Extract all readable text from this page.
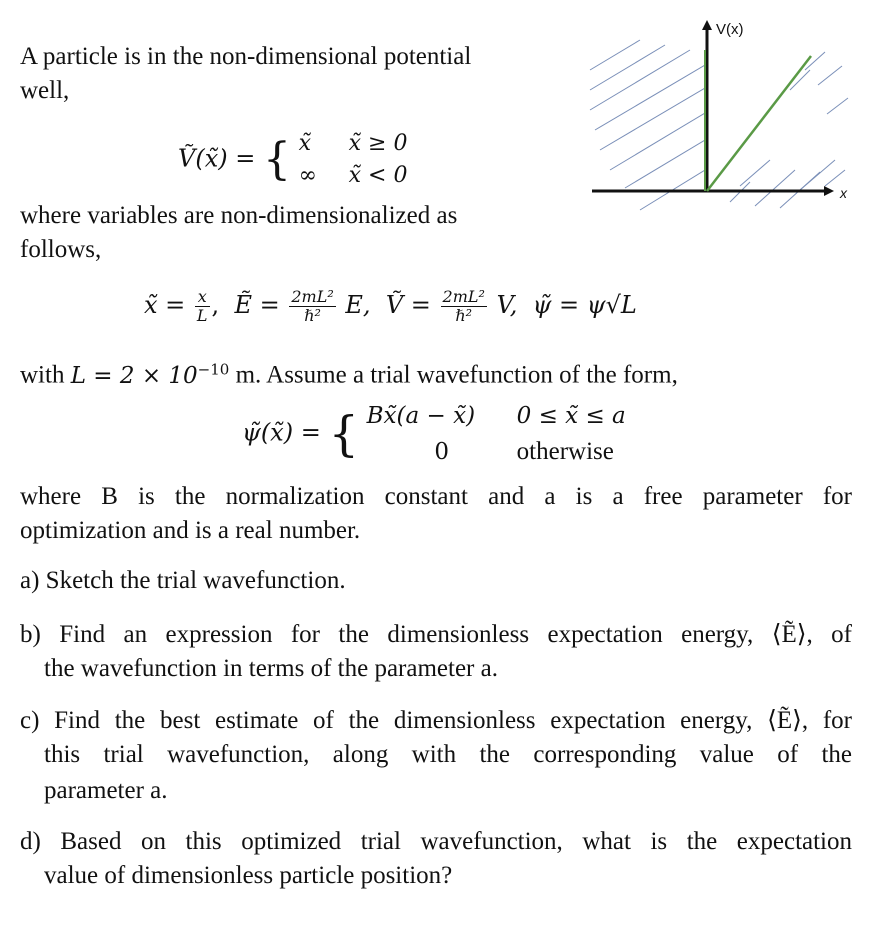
A particle is in the non-dimensional potential
well,
Ṽ(x̃) = { x̃ x̃ ≥ 0
∞ x̃ < 0
where variables are non-dimensionalized as
follows,
x̃ = $\frac{x}{L}$ , Ẽ = $\frac{\text{2mL²}}{\text{ℏ²}} E$, Ṽ = $\frac{\text{2mL²}}{\text{ℏ²}} V$, ψ̃ = ψ√L
with $L = 2 \times 10^{-10}$ m. Assume a trial wavefunction of the form,
ψ̃(x̃) = { Bx̃(a − x̃) 0 ≤ x̃ ≤ a
0	otherwise
where B is the normalization constant and a is a free parameter for
optimization and is a real number.
a) Sketch the trial wavefunction.
b) Find an expression for the dimensionless expectation energy, ⟨Ẽ⟩, of
the wavefunction in terms of the parameter a.
c) Find the best estimate of the dimensionless expectation energy, ⟨Ẽ⟩, for
this trial wavefunction, along with the corresponding value of the
parameter a.
d) Based on this optimized trial wavefunction, what is the expectation
value of dimensionless particle position?
V(x)
x
